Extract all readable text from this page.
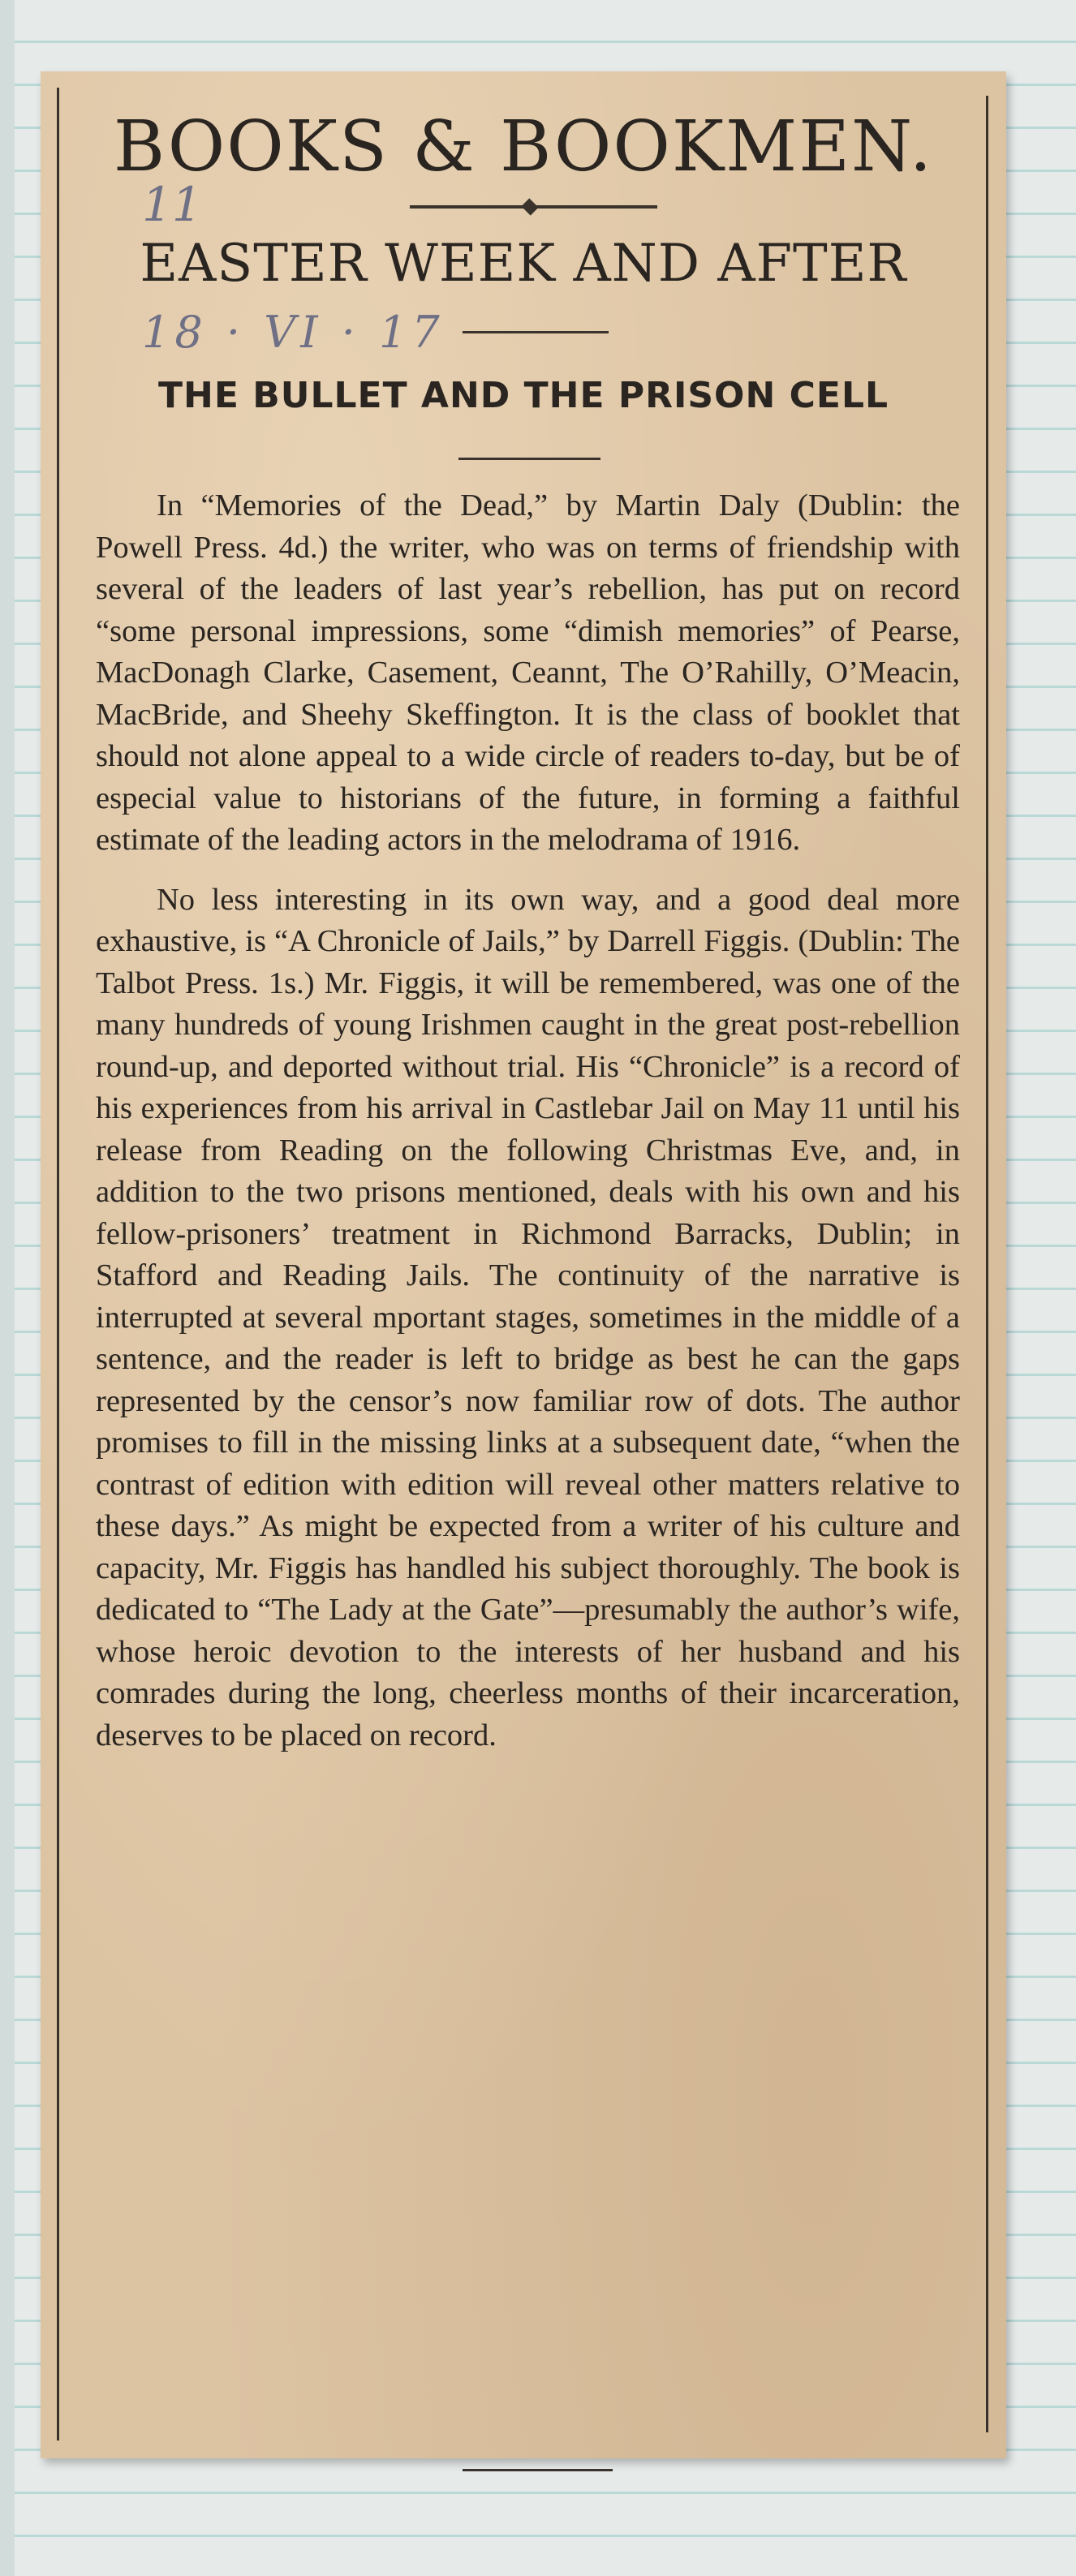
BOOKS & BOOKMEN.
11
EASTER WEEK AND AFTER
18 · VI · 17
THE BULLET AND THE PRISON CELL

In “Memories of the Dead,” by Martin Daly (Dublin: the Powell Press. 4d.) the writer, who was on terms of friendship with several of the leaders of last year’s rebellion, has put on record “some personal impressions, some “dimish memories” of Pearse, MacDonagh Clarke, Casement, Ceannt, The O’Rahilly, O’Meacin, MacBride, and Sheehy Skeffington. It is the class of booklet that should not alone appeal to a wide circle of readers to-day, but be of especial value to historians of the future, in forming a faithful estimate of the leading actors in the melodrama of 1916.

No less interesting in its own way, and a good deal more exhaustive, is “A Chronicle of Jails,” by Darrell Figgis. (Dublin: The Talbot Press. 1s.) Mr. Figgis, it will be remembered, was one of the many hundreds of young Irishmen caught in the great post-rebellion round-up, and deported without trial. His “Chronicle” is a record of his experiences from his arrival in Castlebar Jail on May 11 until his release from Reading on the following Christmas Eve, and, in addition to the two prisons mentioned, deals with his own and his fellow-prisoners’ treatment in Richmond Barracks, Dublin; in Stafford and Reading Jails. The continuity of the narrative is interrupted at several mportant stages, sometimes in the middle of a sentence, and the reader is left to bridge as best he can the gaps represented by the censor’s now familiar row of dots. The author promises to fill in the missing links at a subsequent date, “when the contrast of edition with edition will reveal other matters relative to these days.” As might be expected from a writer of his culture and capacity, Mr. Figgis has handled his subject thoroughly. The book is dedicated to “The Lady at the Gate”—presumably the author’s wife, whose heroic devotion to the interests of her husband and his comrades during the long, cheerless months of their incarceration, deserves to be placed on record.
